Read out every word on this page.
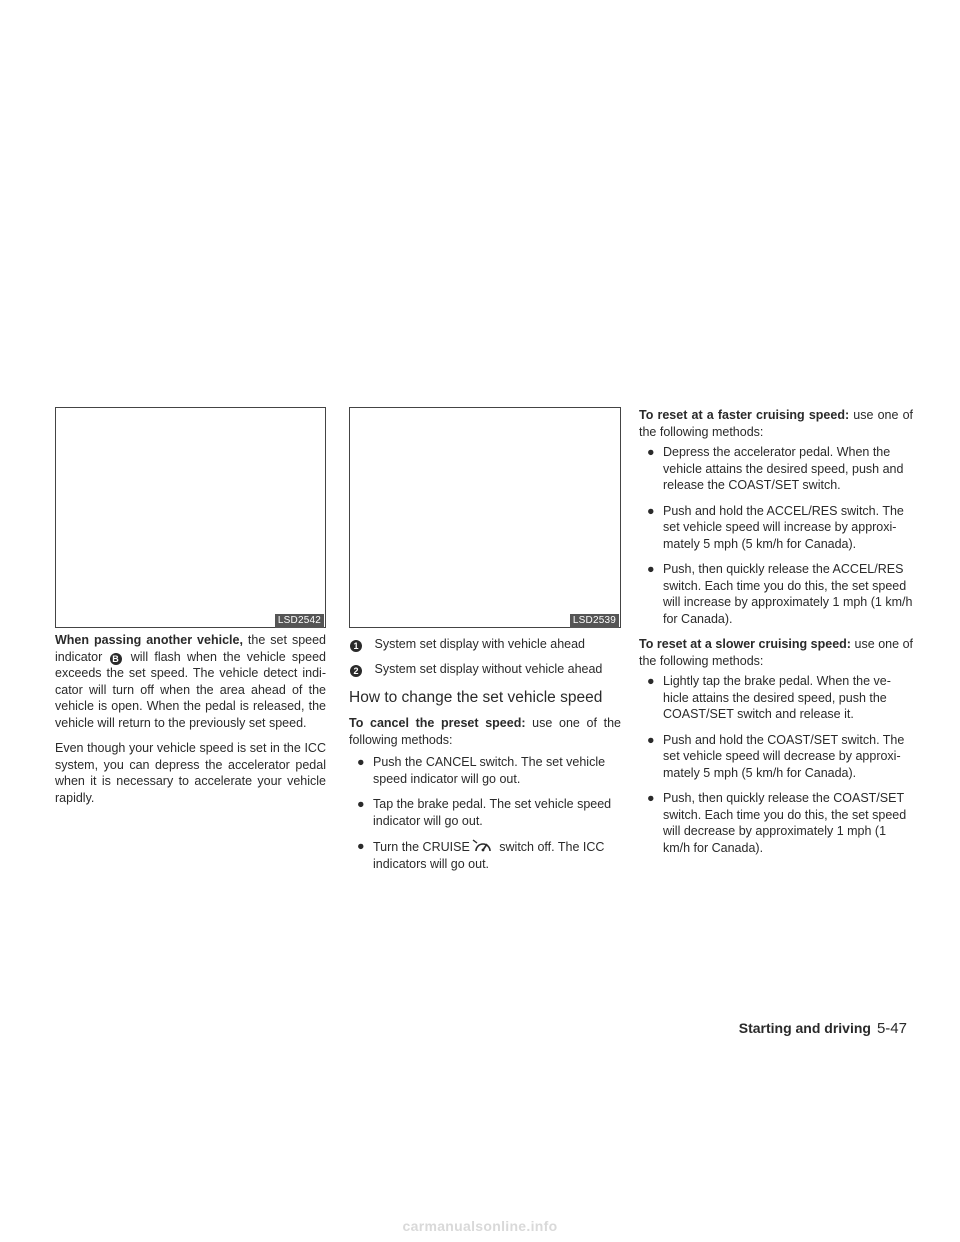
LSD2542	LSD2539

When passing another vehicle, the set speed indicator B will flash when the vehicle speed exceeds the set speed. The vehicle detect indi-cator will turn off when the area ahead of the vehicle is open. When the pedal is released, the vehicle will return to the previously set speed.

Even though your vehicle speed is set in the ICC system, you can depress the accelerator pedal when it is necessary to accelerate your vehicle rapidly.

1 System set display with vehicle ahead

2 System set display without vehicle ahead

How to change the set vehicle speed

To cancel the preset speed: use one of the following methods:

● Push the CANCEL switch. The set vehicle speed indicator will go out.

● Tap the brake pedal. The set vehicle speed indicator will go out.

● Turn the CRUISE switch off. The ICC indicators will go out.

To reset at a faster cruising speed: use one of the following methods:

● Depress the accelerator pedal. When the vehicle attains the desired speed, push and release the COAST/SET switch.

● Push and hold the ACCEL/RES switch. The set vehicle speed will increase by approxi-mately 5 mph (5 km/h for Canada).

● Push, then quickly release the ACCEL/RES switch. Each time you do this, the set speed will increase by approximately 1 mph (1 km/h for Canada).

To reset at a slower cruising speed: use one of the following methods:

● Lightly tap the brake pedal. When the ve-hicle attains the desired speed, push the COAST/SET switch and release it.

● Push and hold the COAST/SET switch. The set vehicle speed will decrease by approxi-mately 5 mph (5 km/h for Canada).

● Push, then quickly release the COAST/SET switch. Each time you do this, the set speed will decrease by approximately 1 mph (1 km/h for Canada).

Starting and driving 5-47
carmanualsonline.info
